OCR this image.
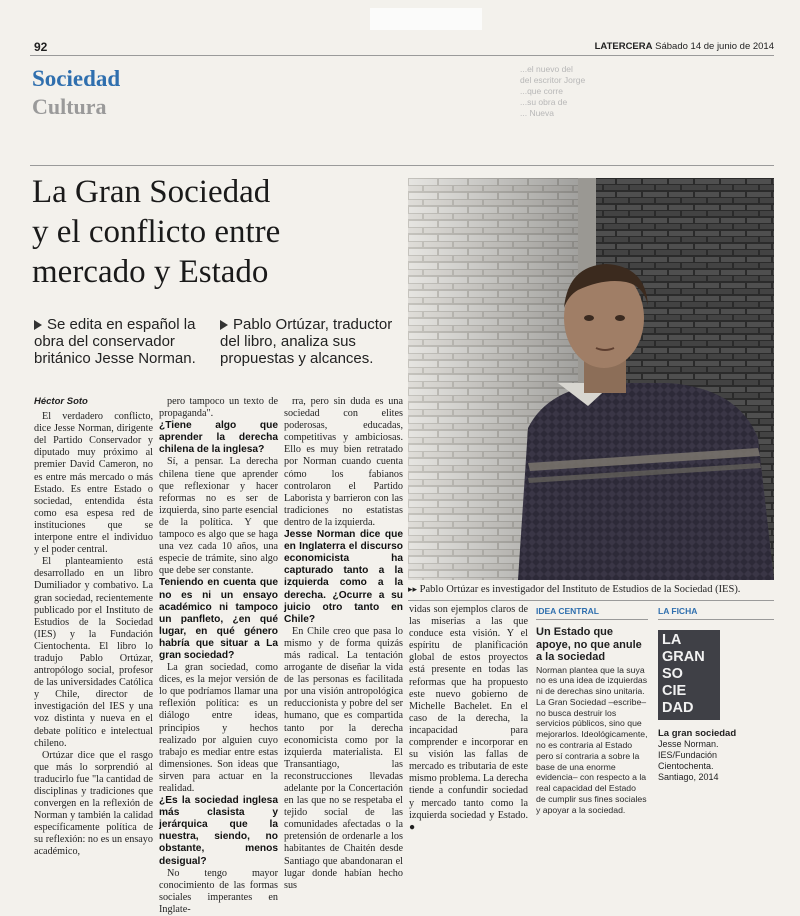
92	LATERCERA Sábado 14 de junio de 2014
Sociedad
Cultura
...el nuevo del
del escritor Jorge
...que corre
...su obra de
... Nueva
La Gran Sociedad
y el conflicto entre
mercado y Estado
Se edita en español la obra del conservador británico Jesse Norman.
Pablo Ortúzar, traductor del libro, analiza sus propuestas y alcances.
▸▸ Pablo Ortúzar es investigador del Instituto de Estudios de la Sociedad (IES).

Héctor Soto

El verdadero conflicto, dice Jesse Norman, dirigente del Partido Conservador y diputado muy próximo al premier David Cameron, no es entre más mercado o más Estado. Es entre Estado o sociedad, entendida ésta como esa espesa red de instituciones que se interpone entre el individuo y el poder central.

El planteamiento está desarrollado en un libro Dumiliador y combativo. La gran sociedad, recientemente publicado por el Instituto de Estudios de la Sociedad (IES) y la Fundación Cientochenta. El libro lo tradujo Pablo Ortúzar, antropólogo social, profesor de las universidades Católica y Chile, director de investigación del IES y una voz distinta y nueva en el debate político e intelectual chileno.

Ortúzar dice que el rasgo que más lo sorprendió al traducirlo fue "la cantidad de disciplinas y tradiciones que convergen en la reflexión de Norman y también la calidad específicamente política de su reflexión: no es un ensayo académico,

pero tampoco un texto de propaganda".

¿Tiene algo que aprender la derecha chilena de la inglesa?

Sí, a pensar. La derecha chilena tiene que aprender que reflexionar y hacer reformas no es ser de izquierda, sino parte esencial de la política. Y que tampoco es algo que se haga una vez cada 10 años, una especie de trámite, sino algo que debe ser constante.

Teniendo en cuenta que no es ni un ensayo académico ni tampoco un panfleto, ¿en qué lugar, en qué género habría que situar a La gran sociedad?

La gran sociedad, como dices, es la mejor versión de lo que podríamos llamar una reflexión política: es un diálogo entre ideas, principios y hechos realizado por alguien cuyo trabajo es mediar entre estas dimensiones. Son ideas que sirven para actuar en la realidad.

¿Es la sociedad inglesa más clasista y jerárquica que la nuestra, siendo, no obstante, menos desigual?

No tengo mayor conocimiento de las formas sociales imperantes en Inglate-

rra, pero sin duda es una sociedad con elites poderosas, educadas, competitivas y ambiciosas. Ello es muy bien retratado por Norman cuando cuenta cómo los fabianos controlaron el Partido Laborista y barrieron con las tradiciones no estatistas dentro de la izquierda.

Jesse Norman dice que en Inglaterra el discurso economicista ha capturado tanto a la izquierda como a la derecha. ¿Ocurre a su juicio otro tanto en Chile?

En Chile creo que pasa lo mismo y de forma quizás más radical. La tentación arrogante de diseñar la vida de las personas es facilitada por una visión antropológica reduccionista y pobre del ser humano, que es compartida tanto por la derecha economicista como por la izquierda materialista. El Transantiago, las reconstrucciones llevadas adelante por la Concertación en las que no se respetaba el tejido social de las comunidades afectadas o la pretensión de ordenarle a los habitantes de Chaitén desde Santiago que abandonaran el lugar donde habían hecho sus

vidas son ejemplos claros de las miserias a las que conduce esta visión. Y el espíritu de planificación global de estos proyectos está presente en todas las reformas que ha propuesto este nuevo gobierno de Michelle Bachelet. En el caso de la derecha, la incapacidad para comprender e incorporar en su visión las fallas de mercado es tributaria de este mismo problema. La derecha tiende a confundir sociedad y mercado tanto como la izquierda sociedad y Estado. ●

IDEA CENTRAL
Un Estado que apoye, no que anule a la sociedad
Norman plantea que la suya no es una idea de izquierdas ni de derechas sino unitaria. La Gran Sociedad –escribe– no busca destruir los servicios públicos, sino que mejorarlos. Ideológicamente, no es contraria al Estado pero sí contraria a sobre la base de una enorme evidencia– con respecto a la real capacidad del Estado de cumplir sus fines sociales y apoyar a la sociedad.
LA FICHA
LA
GRAN
SO
CIE
DAD
La gran sociedad
Jesse Norman.
IES/Fundación Cientochenta.
Santiago, 2014
